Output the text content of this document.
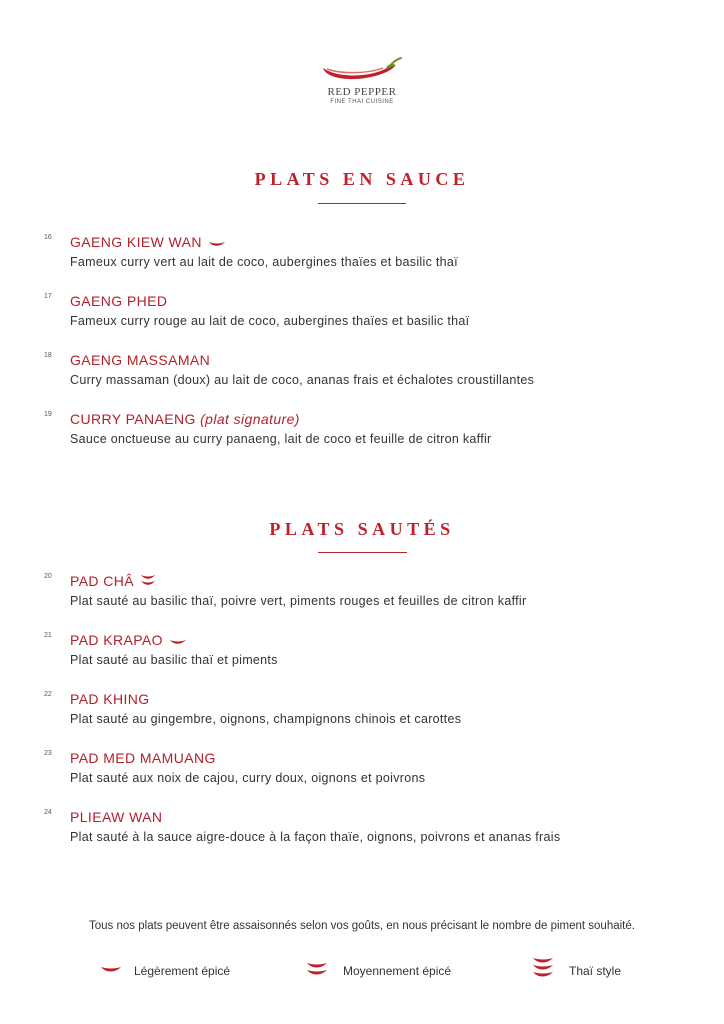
RED PEPPER
FINE THAI CUISINE
PLATS EN SAUCE
16 GAENG KIEW WAN
Fameux curry vert au lait de coco, aubergines thaïes et basilic thaï
17 GAENG PHED
Fameux curry rouge au lait de coco, aubergines thaïes et basilic thaï
18 GAENG MASSAMAN
Curry massaman (doux) au lait de coco, ananas frais et échalotes croustillantes
19 CURRY PANAENG (plat signature)
Sauce onctueuse au curry panaeng, lait de coco et feuille de citron kaffir
PLATS SAUTÉS
20 PAD CHÂ
Plat sauté au basilic thaï, poivre vert, piments rouges et feuilles de citron kaffir
21 PAD KRAPAO
Plat sauté au basilic thaï et piments
22 PAD KHING
Plat sauté au gingembre, oignons, champignons chinois et carottes
23 PAD MED MAMUANG
Plat sauté aux noix de cajou, curry doux, oignons et poivrons
24 PLIEAW WAN
Plat sauté à la sauce aigre-douce à la façon thaïe, oignons, poivrons et ananas frais
Tous nos plats peuvent être assaisonnés selon vos goûts, en nous précisant le nombre de piment souhaité.
Légèrement épicé	Moyennement épicé	Thaï style
